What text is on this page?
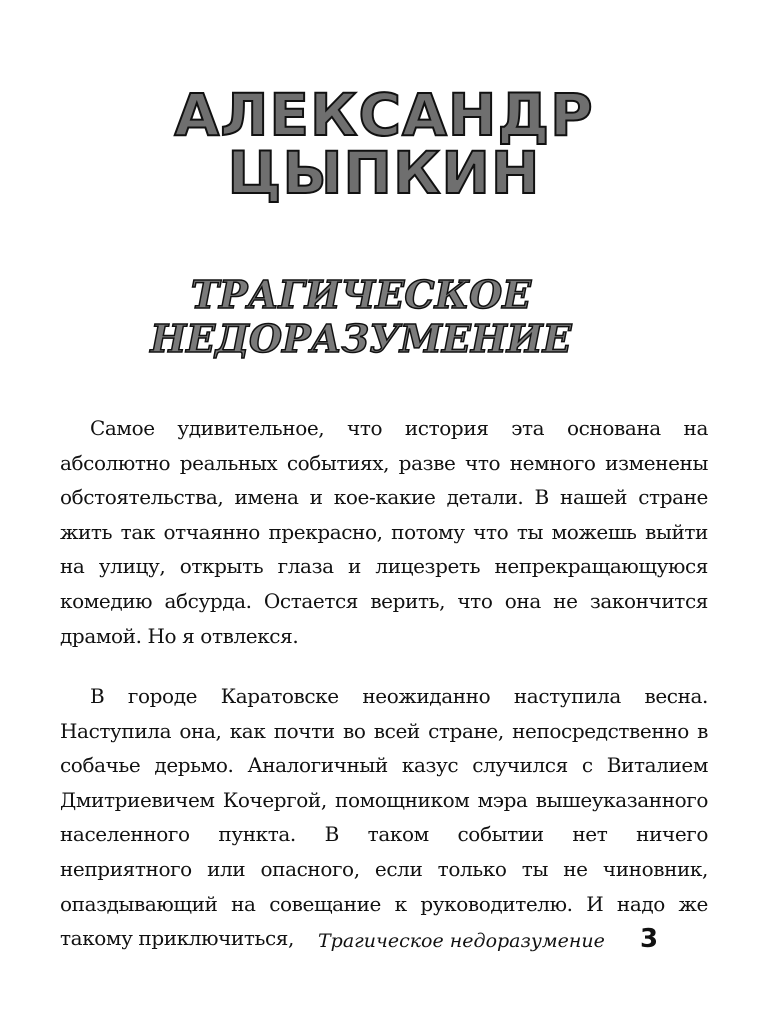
АЛЕКСАНДР
ЦЫПКИН
ТРАГИЧЕСКОЕ
НЕДОРАЗУМЕНИЕ

Самое удивительное, что история эта основана на абсолютно реальных событиях, разве что немного изменены обстоятельства, имена и кое-какие детали. В нашей стране жить так отчаянно прекрасно, потому что ты можешь выйти на улицу, открыть глаза и лицезреть непрекращающуюся комедию абсурда. Остается верить, что она не закончится драмой. Но я отвлекся.

В городе Каратовске неожиданно наступила весна. Наступила она, как почти во всей стране, непосредственно в собачье дерьмо. Аналогичный казус случился с Виталием Дмитриевичем Кочергой, помощником мэра вышеуказанного населенного пункта. В таком событии нет ничего неприятного или опасного, если только ты не чиновник, опаздывающий на совещание к руководителю. И надо же такому приключиться,	Трагическое недоразумение 3
